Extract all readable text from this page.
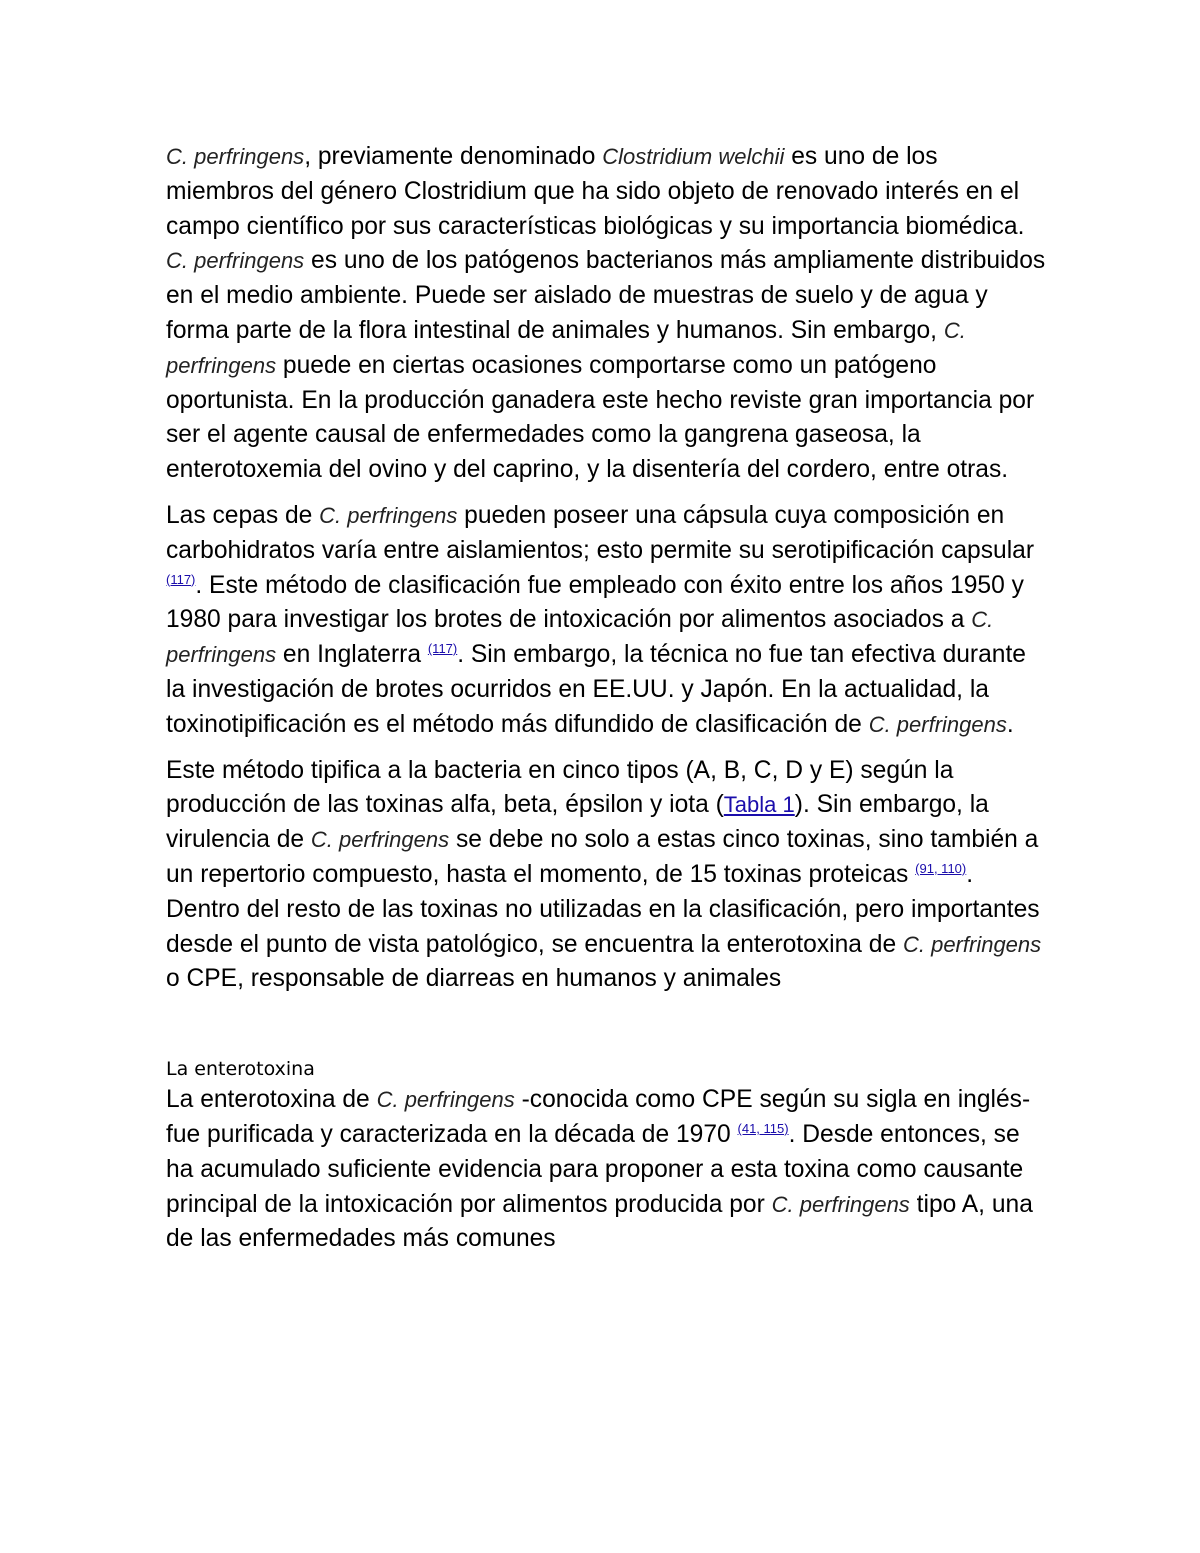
C. perfringens, previamente denominado Clostridium welchii es uno de los miembros del género Clostridium que ha sido objeto de renovado interés en el campo científico por sus características biológicas y su importancia biomédica. C. perfringens es uno de los patógenos bacterianos más ampliamente distribuidos en el medio ambiente. Puede ser aislado de muestras de suelo y de agua y forma parte de la flora intestinal de animales y humanos. Sin embargo, C. perfringens puede en ciertas ocasiones comportarse como un patógeno oportunista. En la producción ganadera este hecho reviste gran importancia por ser el agente causal de enfermedades como la gangrena gaseosa, la enterotoxemia del ovino y del caprino, y la disentería del cordero, entre otras.

Las cepas de C. perfringens pueden poseer una cápsula cuya composición en carbohidratos varía entre aislamientos; esto permite su serotipificación capsular $^{(117)}$. Este método de clasificación fue empleado con éxito entre los años 1950 y 1980 para investigar los brotes de intoxicación por alimentos asociados a C. perfringens en Inglaterra $^{(117)}$. Sin embargo, la técnica no fue tan efectiva durante la investigación de brotes ocurridos en EE.UU. y Japón. En la actualidad, la toxinotipificación es el método más difundido de clasificación de C. perfringens.

Este método tipifica a la bacteria en cinco tipos (A, B, C, D y E) según la producción de las toxinas alfa, beta, épsilon y iota (Tabla 1). Sin embargo, la virulencia de C. perfringens se debe no solo a estas cinco toxinas, sino también a un repertorio compuesto, hasta el momento, de 15 toxinas proteicas $^{(91, 110)}$. Dentro del resto de las toxinas no utilizadas en la clasificación, pero importantes desde el punto de vista patológico, se encuentra la enterotoxina de C. perfringens o CPE, responsable de diarreas en humanos y animales

La enterotoxina

La enterotoxina de C. perfringens -conocida como CPE según su sigla en inglés- fue purificada y caracterizada en la década de 1970 $^{(41, 115)}$. Desde entonces, se ha acumulado suficiente evidencia para proponer a esta toxina como causante principal de la intoxicación por alimentos producida por C. perfringens tipo A, una de las enfermedades más comunes
